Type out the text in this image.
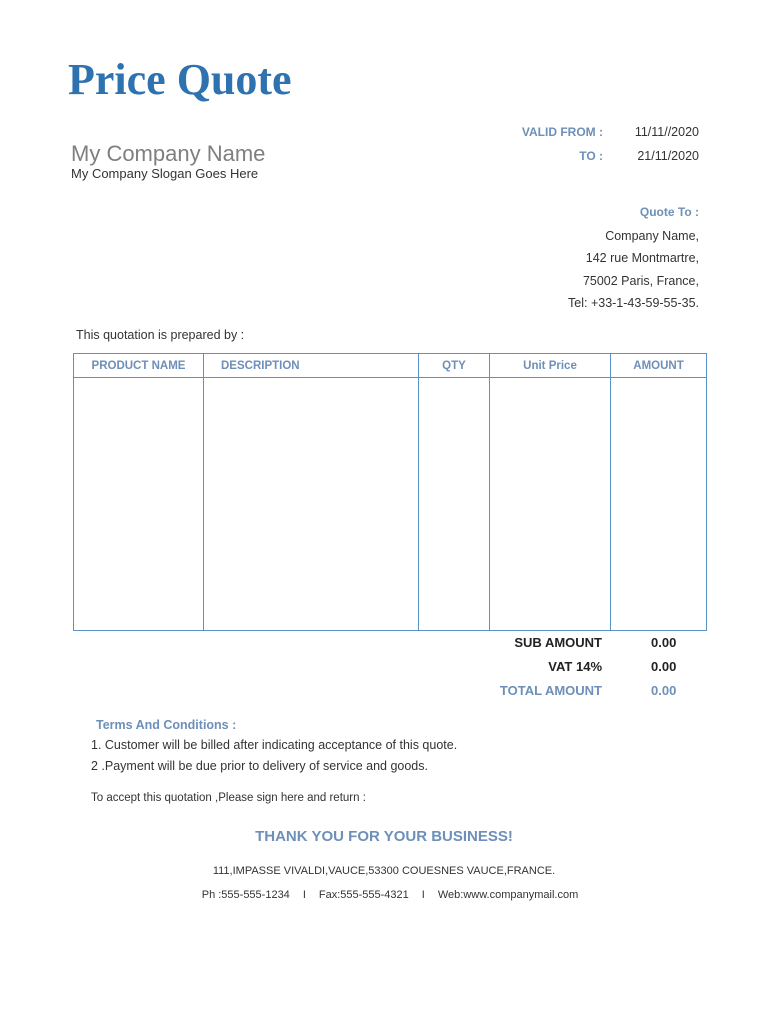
Price Quote
My Company Name
My Company Slogan Goes Here
VALID FROM :	11/11//2020
TO :	21/11/2020
Quote To :
Company Name,
142 rue Montmartre,
75002 Paris, France,
Tel: +33-1-43-59-55-35.
This quotation is prepared by :
PRODUCT NAME	DESCRIPTION	QTY	Unit Price	AMOUNT

SUB AMOUNT	0.00
VAT 14%	0.00
TOTAL AMOUNT	0.00
Terms And Conditions :
1. Customer will be billed after indicating acceptance of this quote.
2 .Payment will be due prior to delivery of service and goods.
To accept this quotation ,Please sign here and return :
THANK YOU FOR YOUR BUSINESS!
111,IMPASSE VIVALDI,VAUCE,53300 COUESNES VAUCE,FRANCE.
Ph :555-555-1234 I Fax:555-555-4321 I Web:www.companymail.com
